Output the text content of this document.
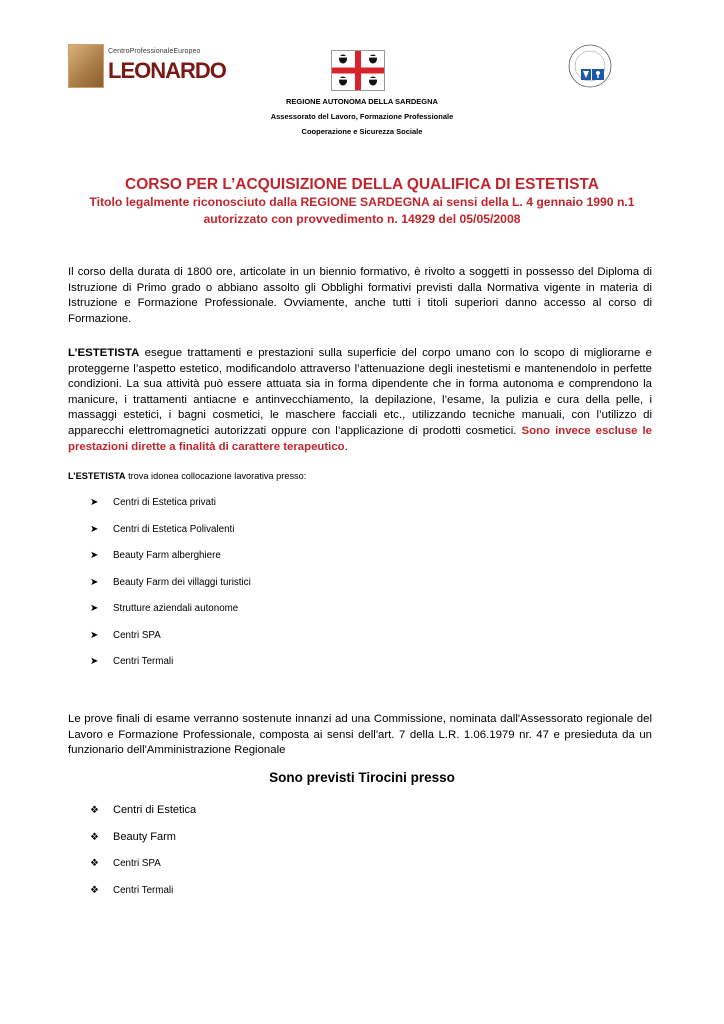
CentroProfessionaleEuropeo
LEONARDO
REGIONE AUTONOMA DELLA SARDEGNA
Assessorato del Lavoro, Formazione Professionale
Cooperazione e Sicurezza Sociale
CORSO PER L’ACQUISIZIONE DELLA QUALIFICA DI ESTETISTA
Titolo legalmente riconosciuto dalla REGIONE SARDEGNA ai sensi della L. 4 gennaio 1990 n.1
autorizzato con provvedimento n. 14929 del 05/05/2008
Il corso della durata di 1800 ore, articolate in un biennio formativo, è rivolto a soggetti in possesso del Diploma di Istruzione di Primo grado o abbiano assolto gli Obblighi formativi previsti dalla Normativa vigente in materia di Istruzione e Formazione Professionale. Ovviamente, anche tutti i titoli superiori danno accesso al corso di Formazione.
L’ESTETISTA esegue trattamenti e prestazioni sulla superficie del corpo umano con lo scopo di migliorarne e proteggerne l’aspetto estetico, modificandolo attraverso l’attenuazione degli inestetismi e mantenendolo in perfette condizioni. La sua attività può essere attuata sia in forma dipendente che in forma autonoma e comprendono la manicure, i trattamenti antiacne e antinvecchiamento, la depilazione, l’esame, la pulizia e cura della pelle, i massaggi estetici, i bagni cosmetici, le maschere facciali etc., utilizzando tecniche manuali, con l’utilizzo di apparecchi elettromagnetici autorizzati oppure con l’applicazione di prodotti cosmetici. Sono invece escluse le prestazioni dirette a finalità di carattere terapeutico.
L’ESTETISTA trova idonea collocazione lavorativa presso:
➤ Centri di Estetica privati
➤ Centri di Estetica Polivalenti
➤ Beauty Farm alberghiere
➤ Beauty Farm dei villaggi turistici
➤ Strutture aziendali autonome
➤ Centri SPA
➤ Centri Termali
Le prove finali di esame verranno sostenute innanzi ad una Commissione, nominata dall'Assessorato regionale del Lavoro e Formazione Professionale, composta ai sensi dell'art. 7 della L.R. 1.06.1979 nr. 47 e presieduta da un funzionario dell'Amministrazione Regionale
Sono previsti Tirocini presso
❖ Centri di Estetica
❖ Beauty Farm
❖ Centri SPA
❖ Centri Termali
